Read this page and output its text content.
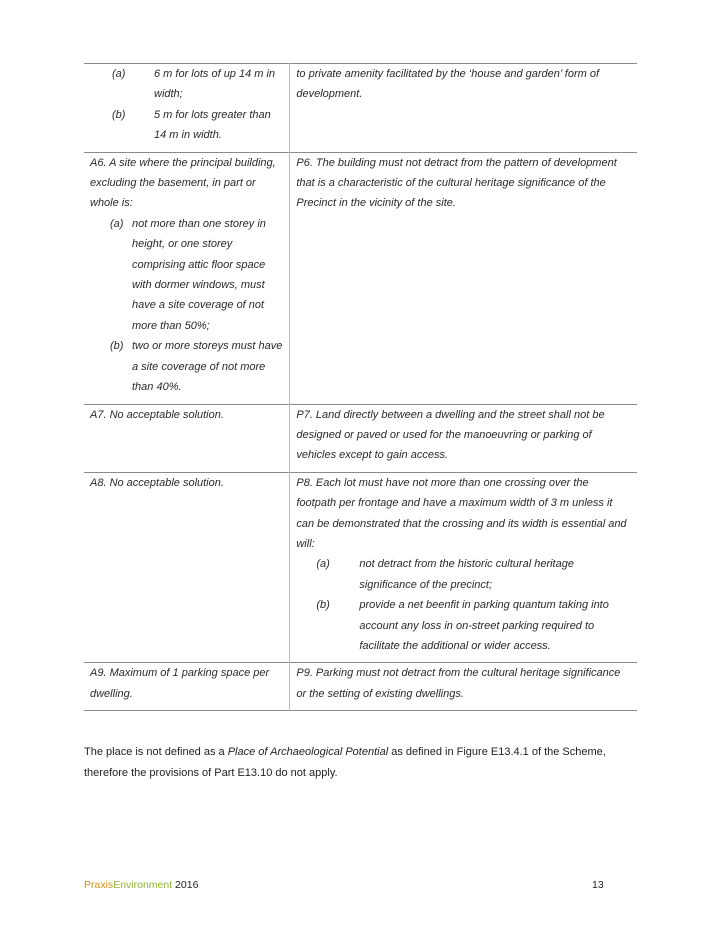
(a) 6 m for lots of up 14 m in width;
(b) 5 m for lots greater than 14 m in width.	to private amenity facilitated by the ‘house and garden’ form of development.

A6. A site where the principal building, excluding the basement, in part or whole is:
(a) not more than one storey in height, or one storey comprising attic floor space with dormer windows, must have a site coverage of not more than 50%;
(b) two or more storeys must have a site coverage of not more than 40%.	P6. The building must not detract from the pattern of development that is a characteristic of the cultural heritage significance of the Precinct in the vicinity of the site.

A7. No acceptable solution.	P7. Land directly between a dwelling and the street shall not be designed or paved or used for the manoeuvring or parking of vehicles except to gain access.

A8. No acceptable solution.	P8. Each lot must have not more than one crossing over the footpath per frontage and have a maximum width of 3 m unless it can be demonstrated that the crossing and its width is essential and will:
(a) not detract from the historic cultural heritage significance of the precinct;
(b) provide a net beenfit in parking quantum taking into account any loss in on-street parking required to facilitate the additional or wider access.

A9. Maximum of 1 parking space per dwelling.	P9. Parking must not detract from the cultural heritage significance or the setting of existing dwellings.
The place is not defined as a Place of Archaeological Potential as defined in Figure E13.4.1 of the Scheme, therefore the provisions of Part E13.10 do not apply.
PraxisEnvironment 2016	13
